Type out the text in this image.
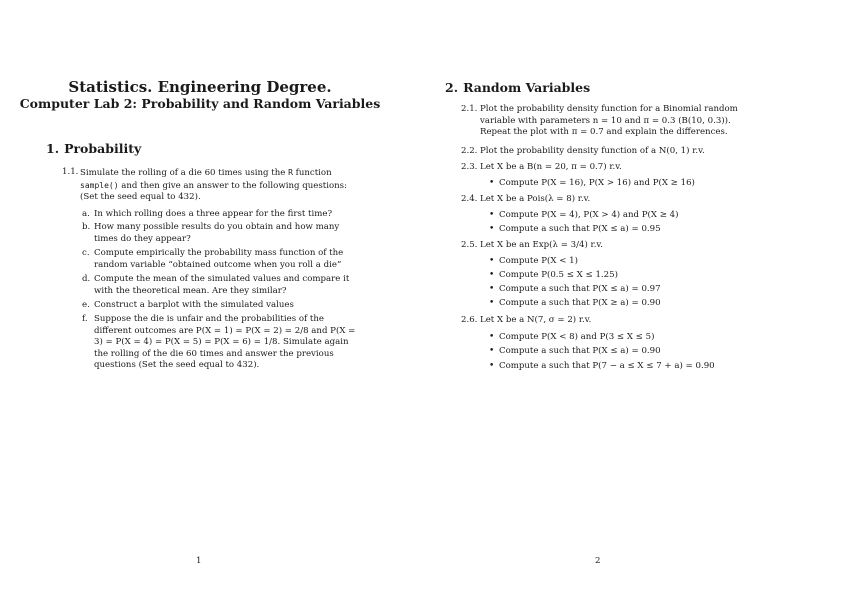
Statistics. Engineering Degree.
Computer Lab 2: Probability and Random Variables
1. Probability
1.1. Simulate the rolling of a die 60 times using the R function sample() and then give an answer to the following questions: (Set the seed equal to 432).
a. In which rolling does a three appear for the first time?
b. How many possible results do you obtain and how many times do they appear?
c. Compute empirically the probability mass function of the random variable “obtained outcome when you roll a die”
d. Compute the mean of the simulated values and compare it with the theoretical mean. Are they similar?
e. Construct a barplot with the simulated values
f. Suppose the die is unfair and the probabilities of the different outcomes are P(X = 1) = P(X = 2) = 2/8 and P(X = 3) = P(X = 4) = P(X = 5) = P(X = 6) = 1/8. Simulate again the rolling of the die 60 times and answer the previous questions (Set the seed equal to 432).
1
2. Random Variables
2.1. Plot the probability density function for a Binomial random variable with parameters n = 10 and π = 0.3 (B(10, 0.3)). Repeat the plot with π = 0.7 and explain the differences.
2.2. Plot the probability density function of a N(0, 1) r.v.
2.3. Let X be a B(n = 20, π = 0.7) r.v.
• Compute P(X = 16), P(X > 16) and P(X ≥ 16)
2.4. Let X be a Pois(λ = 8) r.v.
• Compute P(X = 4), P(X > 4) and P(X ≥ 4)
• Compute a such that P(X ≤ a) = 0.95
2.5. Let X be an Exp(λ = 3/4) r.v.
• Compute P(X < 1)
• Compute P(0.5 ≤ X ≤ 1.25)
• Compute a such that P(X ≤ a) = 0.97
• Compute a such that P(X ≥ a) = 0.90
2.6. Let X be a N(7, σ = 2) r.v.
• Compute P(X < 8) and P(3 ≤ X ≤ 5)
• Compute a such that P(X ≤ a) = 0.90
• Compute a such that P(7 − a ≤ X ≤ 7 + a) = 0.90
2
